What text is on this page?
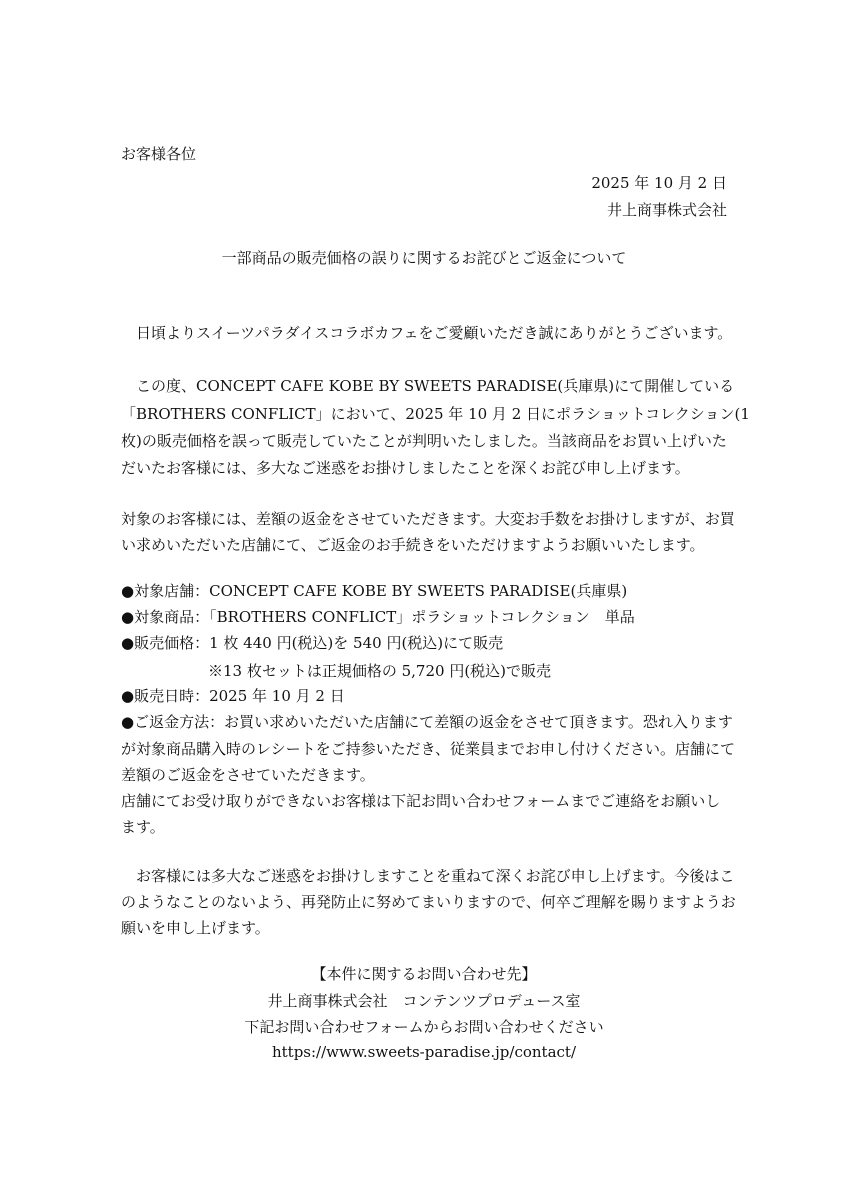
お客様各位
2025 年 10 月 2 日
井上商事株式会社
一部商品の販売価格の誤りに関するお詫びとご返金について
　日頃よりスイーツパラダイスコラボカフェをご愛顧いただき誠にありがとうございます。
　この度、CONCEPT CAFE KOBE BY SWEETS PARADISE(兵庫県)にて開催している
「BROTHERS CONFLICT」において、2025 年 10 月 2 日にポラショットコレクション(1
枚)の販売価格を誤って販売していたことが判明いたしました。当該商品をお買い上げいた
だいたお客様には、多大なご迷惑をお掛けしましたことを深くお詫び申し上げます。
対象のお客様には、差額の返金をさせていただきます。大変お手数をお掛けしますが、お買
い求めいただいた店舗にて、ご返金のお手続きをいただけますようお願いいたします。
●対象店舗：CONCEPT CAFE KOBE BY SWEETS PARADISE(兵庫県)
●対象商品：「BROTHERS CONFLICT」ポラショットコレクション　単品
●販売価格：1 枚 440 円(税込)を 540 円(税込)にて販売
※13 枚セットは正規価格の 5,720 円(税込)で販売
●販売日時：2025 年 10 月 2 日
●ご返金方法：お買い求めいただいた店舗にて差額の返金をさせて頂きます。恐れ入ります
が対象商品購入時のレシートをご持参いただき、従業員までお申し付けください。店舗にて
差額のご返金をさせていただきます。
店舗にてお受け取りができないお客様は下記お問い合わせフォームまでご連絡をお願いし
ます。
　お客様には多大なご迷惑をお掛けしますことを重ねて深くお詫び申し上げます。今後はこ
のようなことのないよう、再発防止に努めてまいりますので、何卒ご理解を賜りますようお
願いを申し上げます。
【本件に関するお問い合わせ先】
井上商事株式会社　コンテンツプロデュース室
下記お問い合わせフォームからお問い合わせください
https://www.sweets-paradise.jp/contact/
